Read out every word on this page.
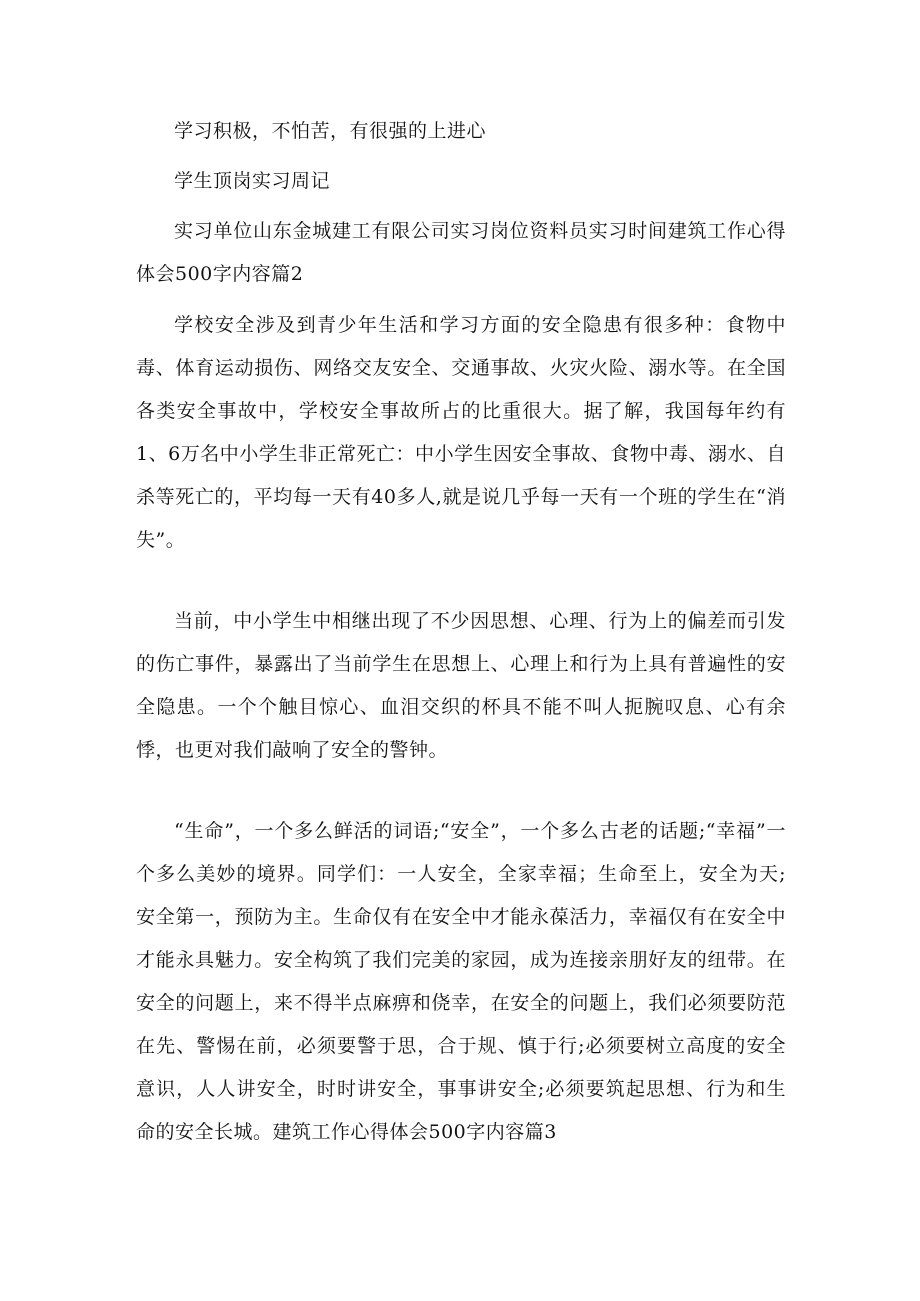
学习积极，不怕苦，有很强的上进心

学生顶岗实习周记

实习单位山东金城建工有限公司实习岗位资料员实习时间建筑工作心得体会500字内容篇2

学校安全涉及到青少年生活和学习方面的安全隐患有很多种：食物中毒、体育运动损伤、网络交友安全、交通事故、火灾火险、溺水等。在全国各类安全事故中，学校安全事故所占的比重很大。据了解，我国每年约有1、6万名中小学生非正常死亡：中小学生因安全事故、食物中毒、溺水、自杀等死亡的，平均每一天有40多人,就是说几乎每一天有一个班的学生在“消失”。

当前，中小学生中相继出现了不少因思想、心理、行为上的偏差而引发的伤亡事件，暴露出了当前学生在思想上、心理上和行为上具有普遍性的安全隐患。一个个触目惊心、血泪交织的杯具不能不叫人扼腕叹息、心有余悸，也更对我们敲响了安全的警钟。

“生命”，一个多么鲜活的词语;“安全”，一个多么古老的话题;“幸福”一个多么美妙的境界。同学们：一人安全，全家幸福；生命至上，安全为天;安全第一，预防为主。生命仅有在安全中才能永葆活力，幸福仅有在安全中才能永具魅力。安全构筑了我们完美的家园，成为连接亲朋好友的纽带。在安全的问题上，来不得半点麻痹和侥幸，在安全的问题上，我们必须要防范在先、警惕在前，必须要警于思，合于规、慎于行;必须要树立高度的安全意识，人人讲安全，时时讲安全，事事讲安全;必须要筑起思想、行为和生命的安全长城。建筑工作心得体会500字内容篇3
